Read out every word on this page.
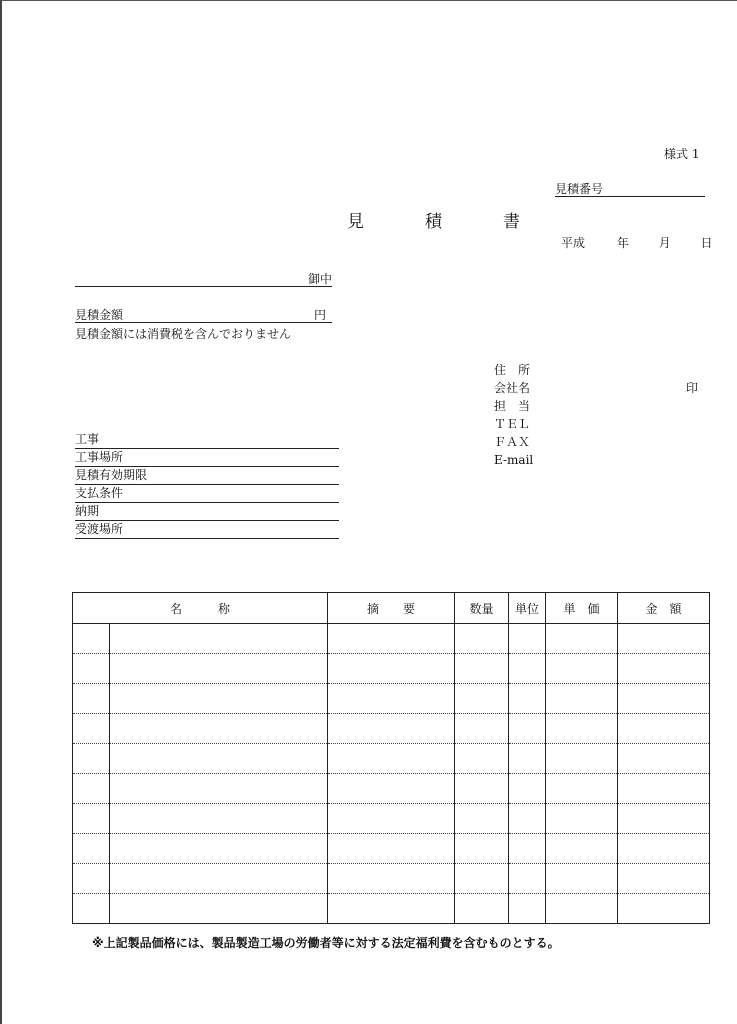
様式 1
見積番号
見　積　書
平成	年 月 日
御中
見積金額	円
見積金額には消費税を含んでおりません
住　所
会社名	印
担　当
ＴＥＬ
ＦＡＸ
E-mail
工事
工事場所
見積有効期限
支払条件
納期
受渡場所
名　　　称		摘　　要	数量	単位	単　価	金　額

※上記製品価格には、製品製造工場の労働者等に対する法定福利費を含むものとする。
